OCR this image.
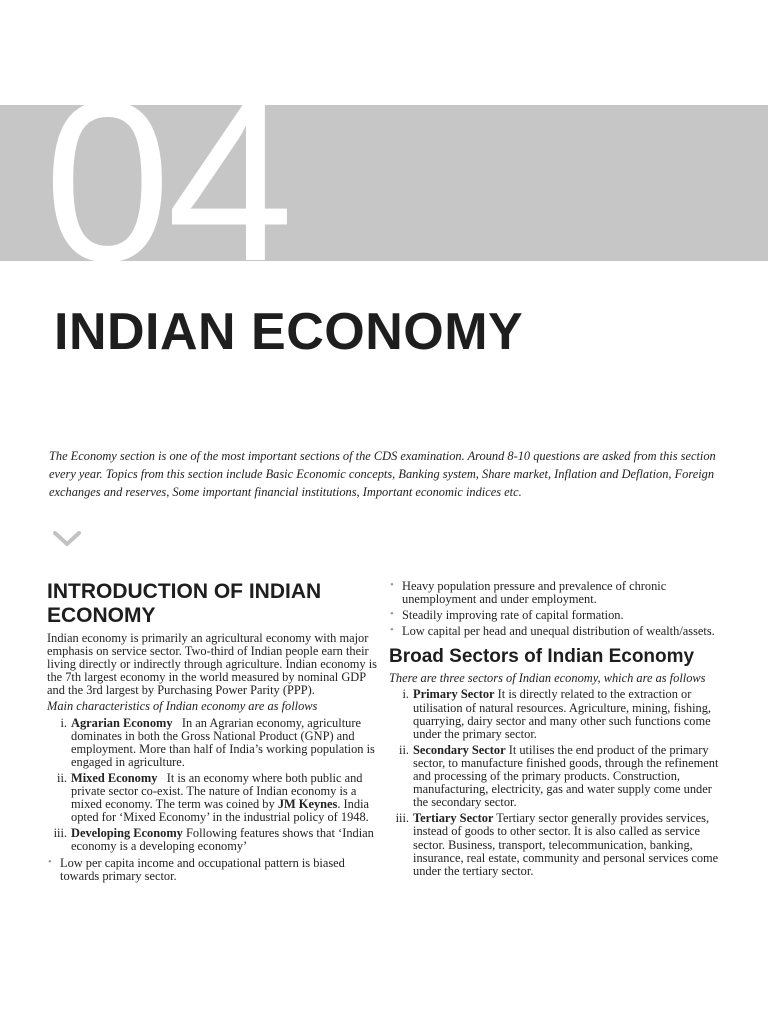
04
INDIAN ECONOMY

The Economy section is one of the most important sections of the CDS examination. Around 8-10 questions are asked from this section every year. Topics from this section include Basic Economic concepts, Banking system, Share market, Inflation and Deflation, Foreign exchanges and reserves, Some important financial institutions, Important economic indices etc.

INTRODUCTION OF INDIAN ECONOMY

Indian economy is primarily an agricultural economy with major emphasis on service sector. Two-third of Indian people earn their living directly or indirectly through agriculture. Indian economy is the 7th largest economy in the world measured by nominal GDP and the 3rd largest by Purchasing Power Parity (PPP).

Main characteristics of Indian economy are as follows

i. Agrarian Economy In an Agrarian economy, agriculture dominates in both the Gross National Product (GNP) and employment. More than half of India’s working population is engaged in agriculture.
ii. Mixed Economy It is an economy where both public and private sector co-exist. The nature of Indian economy is a mixed economy. The term was coined by JM Keynes. India opted for ‘Mixed Economy’ in the industrial policy of 1948.
iii. Developing Economy Following features shows that ‘Indian economy is a developing economy’
• Low per capita income and occupational pattern is biased towards primary sector.
• Heavy population pressure and prevalence of chronic unemployment and under employment.
• Steadily improving rate of capital formation.
• Low capital per head and unequal distribution of wealth/assets.
Broad Sectors of Indian Economy

There are three sectors of Indian economy, which are as follows

i. Primary Sector It is directly related to the extraction or utilisation of natural resources. Agriculture, mining, fishing, quarrying, dairy sector and many other such functions come under the primary sector.
ii. Secondary Sector It utilises the end product of the primary sector, to manufacture finished goods, through the refinement and processing of the primary products. Construction, manufacturing, electricity, gas and water supply come under the secondary sector.
iii. Tertiary Sector Tertiary sector generally provides services, instead of goods to other sector. It is also called as service sector. Business, transport, telecommunication, banking, insurance, real estate, community and personal services come under the tertiary sector.
